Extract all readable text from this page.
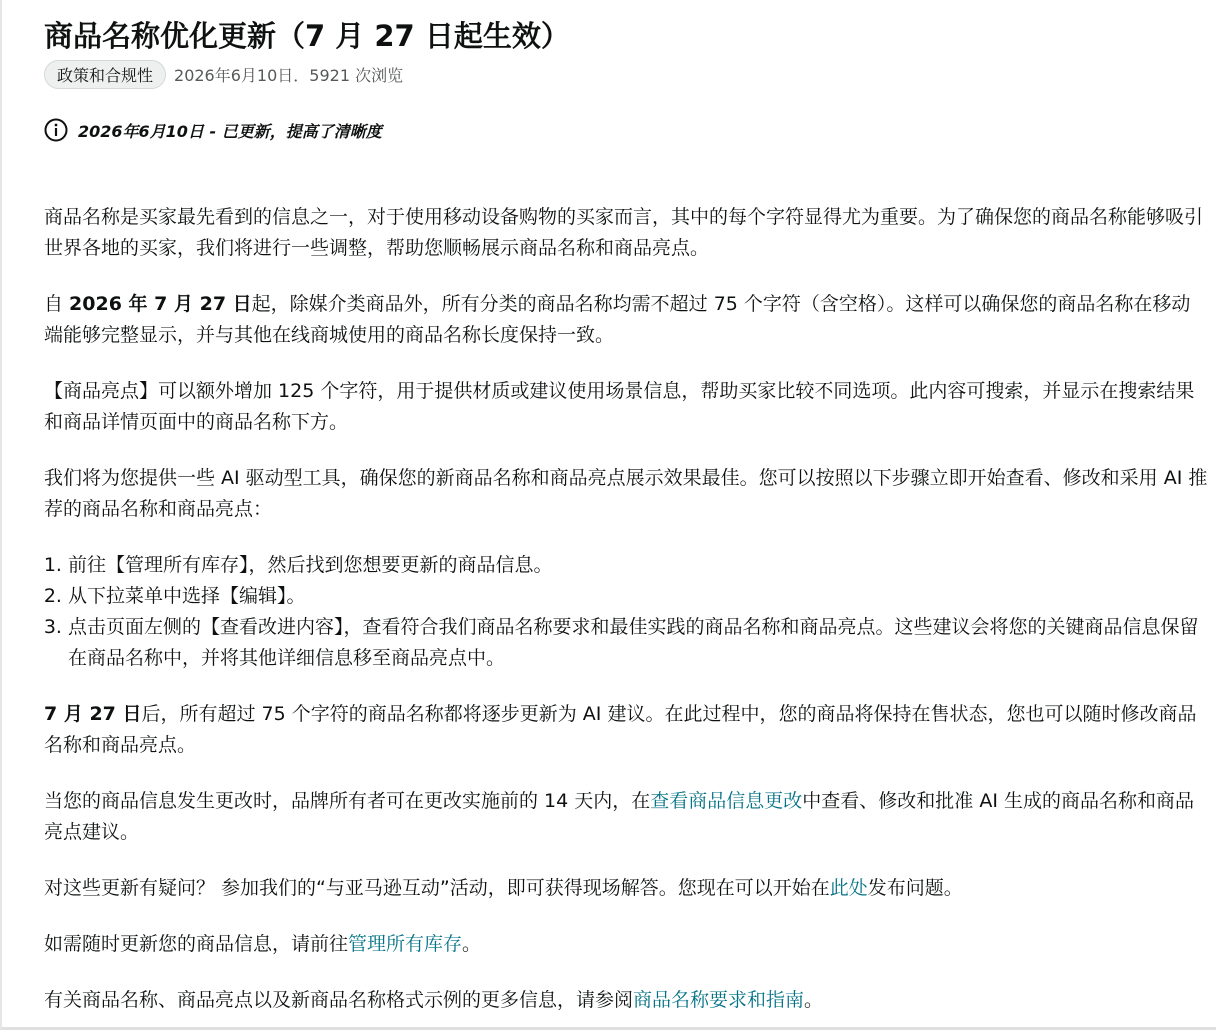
商品名称优化更新（7 月 27 日起生效）
政策和合规性	2026年6月10日．5921 次浏览
2026年6月10日 - 已更新，提高了清晰度

商品名称是买家最先看到的信息之一，对于使用移动设备购物的买家而言，其中的每个字符显得尤为重要。为了确保您的商品名称能够吸引世界各地的买家，我们将进行一些调整，帮助您顺畅展示商品名称和商品亮点。

自 2026 年 7 月 27 日起，除媒介类商品外，所有分类的商品名称均需不超过 75 个字符（含空格）。这样可以确保您的商品名称在移动端能够完整显示，并与其他在线商城使用的商品名称长度保持一致。

【商品亮点】可以额外增加 125 个字符，用于提供材质或建议使用场景信息，帮助买家比较不同选项。此内容可搜索，并显示在搜索结果和商品详情页面中的商品名称下方。

我们将为您提供一些 AI 驱动型工具，确保您的新商品名称和商品亮点展示效果最佳。您可以按照以下步骤立即开始查看、修改和采用 AI 推荐的商品名称和商品亮点：

1. 前往【管理所有库存】，然后找到您想要更新的商品信息。
2. 从下拉菜单中选择【编辑】。
3. 点击页面左侧的【查看改进内容】，查看符合我们商品名称要求和最佳实践的商品名称和商品亮点。这些建议会将您的关键商品信息保留在商品名称中，并将其他详细信息移至商品亮点中。

7 月 27 日后，所有超过 75 个字符的商品名称都将逐步更新为 AI 建议。在此过程中，您的商品将保持在售状态，您也可以随时修改商品名称和商品亮点。

当您的商品信息发生更改时，品牌所有者可在更改实施前的 14 天内，在查看商品信息更改中查看、修改和批准 AI 生成的商品名称和商品亮点建议。

对这些更新有疑问？ 参加我们的“与亚马逊互动”活动，即可获得现场解答。您现在可以开始在此处发布问题。

如需随时更新您的商品信息，请前往管理所有库存。

有关商品名称、商品亮点以及新商品名称格式示例的更多信息，请参阅商品名称要求和指南。
